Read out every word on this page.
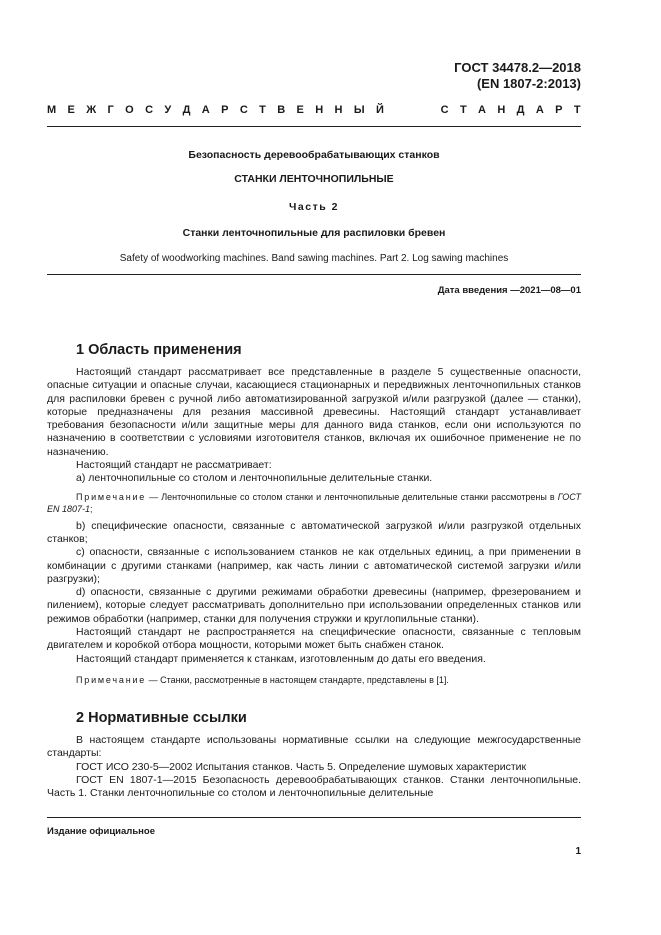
ГОСТ 34478.2—2018
(EN 1807-2:2013)
М Е Ж Г О С У Д А Р С Т В Е Н Н Ы Й	С Т А Н Д А Р Т
Безопасность деревообрабатывающих станков
СТАНКИ ЛЕНТОЧНОПИЛЬНЫЕ
Часть 2
Станки ленточнопильные для распиловки бревен
Safety of woodworking machines. Band sawing machines. Part 2. Log sawing machines
Дата введения —2021—08—01
1 Область применения

Настоящий стандарт рассматривает все представленные в разделе 5 существенные опасности, опасные ситуации и опасные случаи, касающиеся стационарных и передвижных ленточнопильных станков для распиловки бревен с ручной либо автоматизированной загрузкой и/или разгрузкой (далее — станки), которые предназначены для резания массивной древесины. Настоящий стандарт устанавливает требования безопасности и/или защитные меры для данного вида станков, если они используются по назначению в соответствии с условиями изготовителя станков, включая их ошибочное применение не по назначению.

Настоящий стандарт не рассматривает:

а) ленточнопильные со столом и ленточнопильные делительные станки.

Примечание — Ленточнопильные со столом станки и ленточнопильные делительные станки рассмотрены в ГОСТ EN 1807-1;

b) специфические опасности, связанные с автоматической загрузкой и/или разгрузкой отдельных станков;

c) опасности, связанные с использованием станков не как отдельных единиц, а при применении в комбинации с другими станками (например, как часть линии с автоматической системой загрузки и/или разгрузки);

d) опасности, связанные с другими режимами обработки древесины (например, фрезерованием и пилением), которые следует рассматривать дополнительно при использовании определенных станков или режимов обработки (например, станки для получения стружки и круглопильные станки).

Настоящий стандарт не распространяется на специфические опасности, связанные с тепловым двигателем и коробкой отбора мощности, которыми может быть снабжен станок.

Настоящий стандарт применяется к станкам, изготовленным до даты его введения.

Примечание — Станки, рассмотренные в настоящем стандарте, представлены в [1].

2 Нормативные ссылки

В настоящем стандарте использованы нормативные ссылки на следующие межгосударственные стандарты:

ГОСТ ИСО 230-5—2002 Испытания станков. Часть 5. Определение шумовых характеристик

ГОСТ EN 1807-1—2015 Безопасность деревообрабатывающих станков. Станки ленточнопильные. Часть 1. Станки ленточнопильные со столом и ленточнопильные делительные

Издание официальное
1
